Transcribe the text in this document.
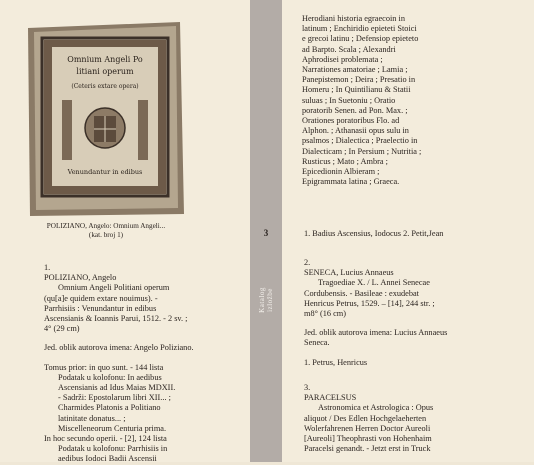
Omnium Angeli Po
litiani operum
(Ceteris extare opera)
Venundantur in edibus
POLIZIANO, Angelo: Omnium Angeli...
(kat. broj 1)
1.
POLIZIANO, Angelo
Omnium Angeli Politiani operum
(qu[a]e quidem extare nouimus). -
Parrhisiis : Venundantur in edibus
Ascensianis & Ioannis Parui, 1512. - 2 sv. ;
4° (29 cm)
Jed. oblik autorova imena: Angelo Poliziano.
Tomus prior: in quo sunt. - 144 lista
Podatak u kolofonu: In aedibus
Ascensianis ad Idus Maias MDXII.
- Sadrži: Epostolarum libri XII... ;
Charmides Platonis a Politiano
latinitate donatus... ;
Miscelleneorum Centuria prima.
In hoc secundo operii. - [2], 124 lista
Podatak u kolofonu: Parrhisiis in
aedibus Iodoci Badii Ascensii
3
Katalog izložbe
Herodiani historia egraecoin in
latinum ; Enchiridio epieteti Stoici
e grecoi latinu ; Defensiop epieteto
ad Barpto. Scala ; Alexandri
Aphrodisei problemata ;
Narrationes amatoriae ; Lamia ;
Panepistemon ; Deira ; Presatio in
Homeru ; In Quintilianu & Statii
suluas ; In Suetoniu ; Oratio
poratorib Senen. ad Pon. Max. ;
Orationes poratoribus Flo. ad
Alphon. ; Athanasii opus sulu in
psalmos ; Dialectica ; Praelectio in
Dialecticam ; In Persium ; Nutritia ;
Rusticus ; Mato ; Ambra ;
Epicedionin Albieram ;
Epigrammata latina ; Graeca.
1. Badius Ascensius, Iodocus 2. Petit,Jean
2.
SENECA, Lucius Annaeus
Tragoediae X. / L. Annei Senecae
Cordubensis. - Basileae : exudebat
Henricus Petrus, 1529. – [14], 244 str. ;
m8° (16 cm)
Jed. oblik autorova imena: Lucius Annaeus
Seneca.
1. Petrus, Henricus
3.
PARACELSUS
Astronomica et Astrologica : Opus
aliquot / Des Edlen Hochgelaeherten
Wolerfahrenen Herren Doctor Aureoli
[Aureoli] Theophrasti von Hohenhaim
Paracelsi genandt. - Jetzt erst in Truck
